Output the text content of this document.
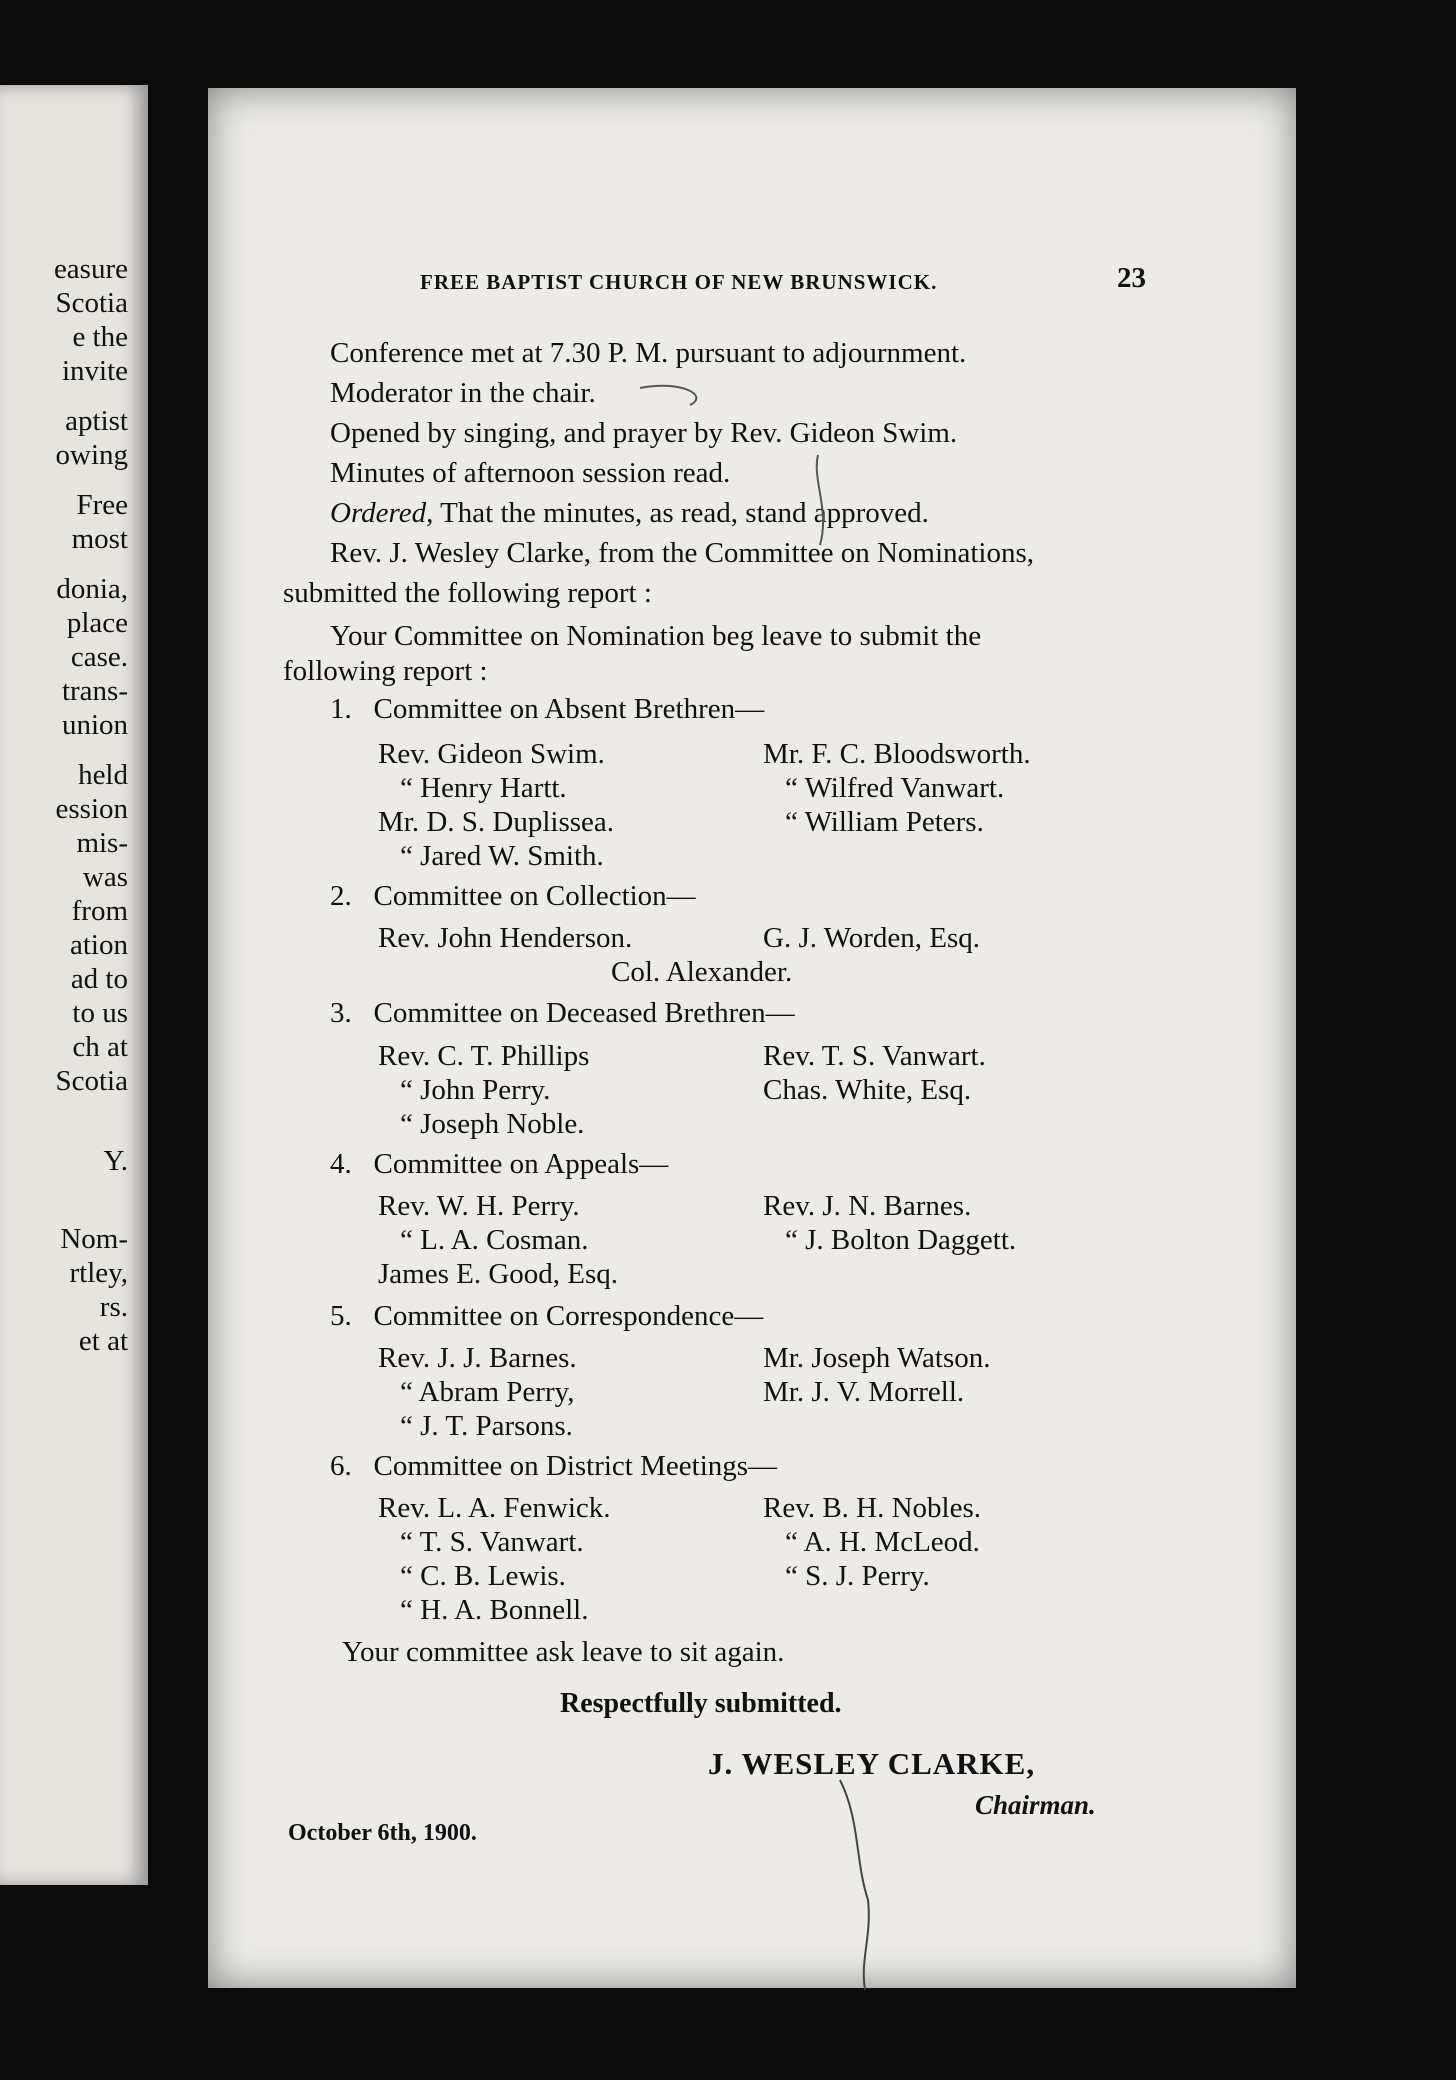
easure
Scotia
e the
invite
aptist
owing
Free
most
donia,
place
case.
trans-
union
held
ession
mis-
was
from
ation
ad to
to us
ch at
Scotia
Y.
Nom-
rtley,
rs.
et at
FREE BAPTIST CHURCH OF NEW BRUNSWICK.	23
Conference met at 7.30 P. M. pursuant to adjournment.
Moderator in the chair.
Opened by singing, and prayer by Rev. Gideon Swim.
Minutes of afternoon session read.
Ordered, That the minutes, as read, stand approved.
Rev. J. Wesley Clarke, from the Committee on Nominations,
submitted the following report :
Your Committee on Nomination beg leave to submit the
following report :
1. Committee on Absent Brethren—
Rev. Gideon Swim.
“ Henry Hartt.
Mr. D. S. Duplissea.
“ Jared W. Smith.
Mr. F. C. Bloodsworth.
“ Wilfred Vanwart.
“ William Peters.
2. Committee on Collection—
Rev. John Henderson.	G. J. Worden, Esq.
Col. Alexander.
3. Committee on Deceased Brethren—
Rev. C. T. Phillips
“ John Perry.
“ Joseph Noble.
Rev. T. S. Vanwart.
Chas. White, Esq.
4. Committee on Appeals—
Rev. W. H. Perry.
“ L. A. Cosman.
James E. Good, Esq.
Rev. J. N. Barnes.
“ J. Bolton Daggett.
5. Committee on Correspondence—
Rev. J. J. Barnes.
“ Abram Perry,
“ J. T. Parsons.
Mr. Joseph Watson.
Mr. J. V. Morrell.
6. Committee on District Meetings—
Rev. L. A. Fenwick.
“ T. S. Vanwart.
“ C. B. Lewis.
“ H. A. Bonnell.
Rev. B. H. Nobles.
“ A. H. McLeod.
“ S. J. Perry.
Your committee ask leave to sit again.
Respectfully submitted.
J. WESLEY CLARKE,
Chairman.
October 6th, 1900.
